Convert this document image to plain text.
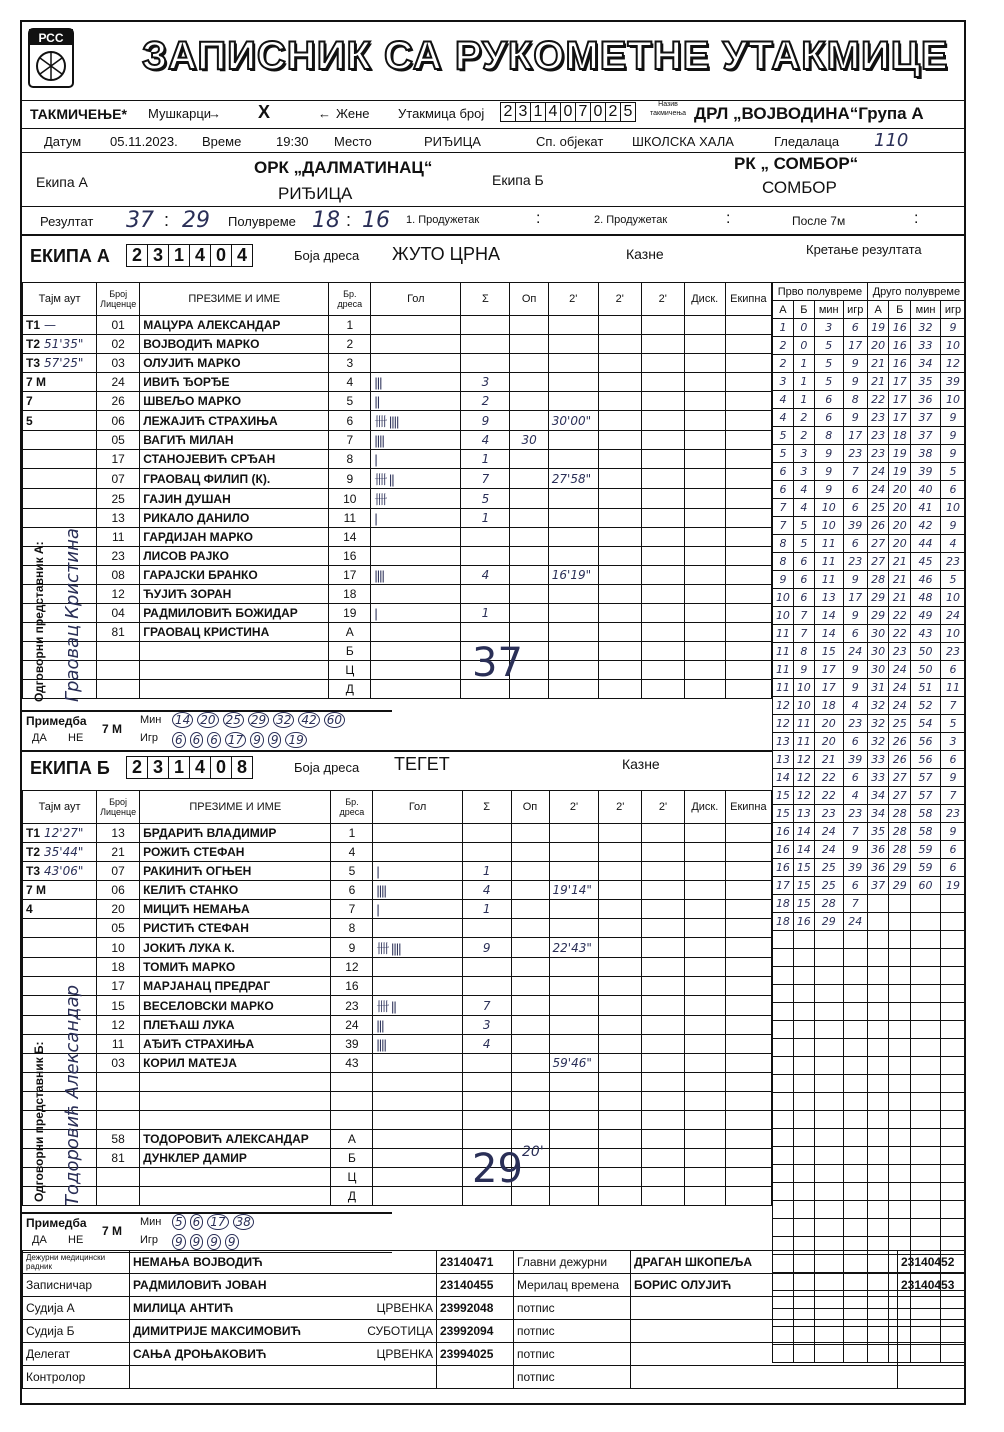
РСС ЗАПИСНИК СА РУКОМЕТНЕ УТАКМИЦЕ
ТАКМИЧЕЊЕ* Мушкарци
→ X	← Жене Утакмица број 2 3 1 4 0 7 0 2 5	Назив такмичења ДРЛ „ВОЈВОДИНА“Група А
Датум 05.11.2023. Време	19:30 Место	РИЂИЦА	Сп. објекат ШКОЛСКА ХАЛА	Гледалаца 110
Екипа А
ОРК „ДАЛМАТИНАЦ“
РИЂИЦА
Екипа Б
РК „ СОМБОР“
СОМБОР
Резултат 37 : 29 Полувреме 18 : 16 1. Продужетак	:	2. Продужетак	:	После 7м	:
ЕКИПА А	2 3 1 4 0 4	Боја дреса ЖУТО ЦРНА	Казне	Кретање резултата
Тајм аут	Број Лиценце	ПРЕЗИМЕ И ИМЕ	Бр. дреса	Гол	Σ	Оп	2'	2'	2'	Диск.	Екипна
T1 —	01	МАЦУРА АЛЕКСАНДАР	1								
T2 51'35"	02	ВОЈВОДИЋ МАРКО	2								
T3 57'25"	03	ОЛУЈИЋ МАРКО	3								
7 М	24	ИВИЋ ЂОРЂЕ	4	|||	3						
7	26	ШВЕЉО МАРКО	5	||	2						
5	06	ЛЕЖАЈИЋ СТРАХИЊА	6	卌 ||||	9		30'00"				
	05	ВАГИЋ МИЛАН	7	||||	4	30					
	17	СТАНОЈЕВИЋ СРЂАН	8	|	1						
	07	ГРАОВАЦ ФИЛИП (К).	9	卌 ||	7		27'58"				
	25	ГАЈИН ДУШАН	10	卌	5						
	13	РИКАЛО ДАНИЛО	11	|	1						
	11	ГАРДИЈАН МАРКО	14								
	23	ЛИСОВ РАЈКО	16								
	08	ГАРАЈСКИ БРАНКО	17	||||	4		16'19"				
	12	ЋУЈИЋ ЗОРАН	18								
	04	РАДМИЛОВИЋ БОЖИДАР	19	|	1						
	81	ГРАОВАЦ КРИСТИНА	А								
			Б								
			Ц								
			Д								
37
Одговорни представник А: Граовац Кристина
Примедба
ДА НЕ
7 М
Мин
Игр
14 20 25 29 32 42 60
6 6 6 17 9 9 19
ЕКИПА Б	2 3 1 4 0 8	Боја дреса ТЕГЕТ	Казне
Тајм аут	Број Лиценце	ПРЕЗИМЕ И ИМЕ	Бр. дреса	Гол	Σ	Оп	2'	2'	2'	Диск.	Екипна
T1 12'27"	13	БРДАРИЋ ВЛАДИМИР	1								
T2 35'44"	21	РОЖИЋ СТЕФАН	4								
T3 43'06"	07	РАКИНИЋ ОГЊЕН	5	|	1						
7 М	06	КЕЛИЋ СТАНКО	6	||||	4		19'14"				
4	20	МИЦИЋ НЕМАЊА	7	|	1						
	05	РИСТИЋ СТЕФАН	8								
	10	ЈОКИЋ ЛУКА К.	9	卌 ||||	9		22'43"				
	18	ТОМИЋ МАРКО	12								
	17	МАРЈАНАЦ ПРЕДРАГ	16								
	15	ВЕСЕЛОВСКИ МАРКО	23	卌 ||	7						
	12	ПЛЕЋАШ ЛУКА	24	|||	3						
	11	АЂИЋ СТРАХИЊА	39	||||	4						
	03	КОРИЛ МАТЕЈА	43				59'46"				

	58	ТОДОРОВИЋ АЛЕКСАНДАР	А								
	81	ДУНКЛЕР ДАМИР	Б								
			Ц								
			Д								
29 20'
Одговорни представник Б: Тодоровић Александар
Примедба
ДА НЕ
7 М
Мин
Игр
5 6 17 38
9 9 9 9
Прво полувреме				Друго полувреме			
А	Б	мин	игр	А	Б	мин	игр
1	0	3	6	19	16	32	9
2	0	5	17	20	16	33	10
2	1	5	9	21	16	34	12
3	1	5	9	21	17	35	39
4	1	6	8	22	17	36	10
4	2	6	9	23	17	37	9
5	2	8	17	23	18	37	9
5	3	9	23	23	19	38	9
6	3	9	7	24	19	39	5
6	4	9	6	24	20	40	6
7	4	10	6	25	20	41	10
7	5	10	39	26	20	42	9
8	5	11	6	27	20	44	4
8	6	11	23	27	21	45	23
9	6	11	9	28	21	46	5
10	6	13	17	29	21	48	10
10	7	14	9	29	22	49	24
11	7	14	6	30	22	43	10
11	8	15	24	30	23	50	23
11	9	17	9	30	24	50	6
11	10	17	9	31	24	51	11
12	10	18	4	32	24	52	7
12	11	20	23	32	25	54	5
13	11	20	6	32	26	56	3
13	12	21	39	33	26	56	6
14	12	22	6	33	27	57	9
15	12	22	4	34	27	57	7
15	13	23	23	34	28	58	23
16	14	24	7	35	28	58	9
16	14	24	9	36	28	59	6
16	15	25	39	36	29	59	6
17	15	25	6	37	29	60	19
18	15	28	7				
18	16	29	24				

Дежурни медицински радник	НЕМАЊА ВОЈВОДИЋ	23140471	Главни дежурни	ДРАГАН ШКОПЕЉА	23140452
Записничар	РАДМИЛОВИЋ ЈОВАН	23140455	Мерилац времена	БОРИС ОЛУЈИЋ	23140453
Судија А	МИЛИЦА АНТИЋ ЦРВЕНКА	23992048	потпис		
Судија Б	ДИМИТРИЈЕ МАКСИМОВИЋ СУБОТИЦА	23992094	потпис		
Делегат	САЊА ДРОЊАКОВИЋ ЦРВЕНКА	23994025	потпис		
Контролор			потпис		
